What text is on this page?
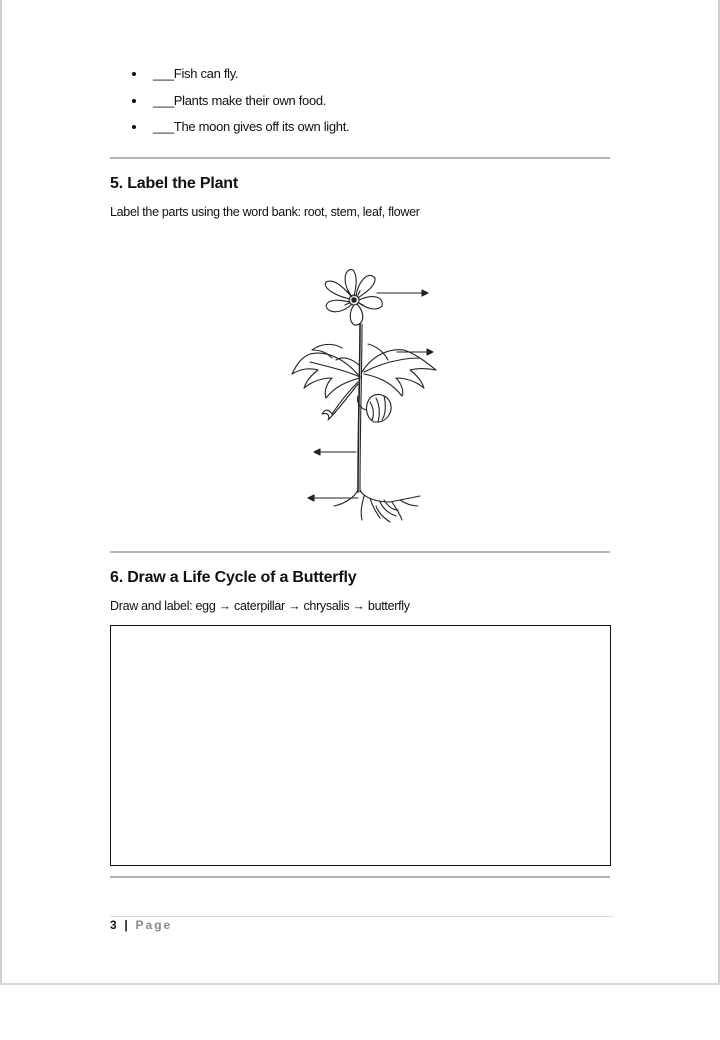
___Fish can fly.
___Plants make their own food.
___The moon gives off its own light.
5. Label the Plant
Label the parts using the word bank: root, stem, leaf, flower
6. Draw a Life Cycle of a Butterfly
Draw and label: egg → caterpillar → chrysalis → butterfly
3 | Page
